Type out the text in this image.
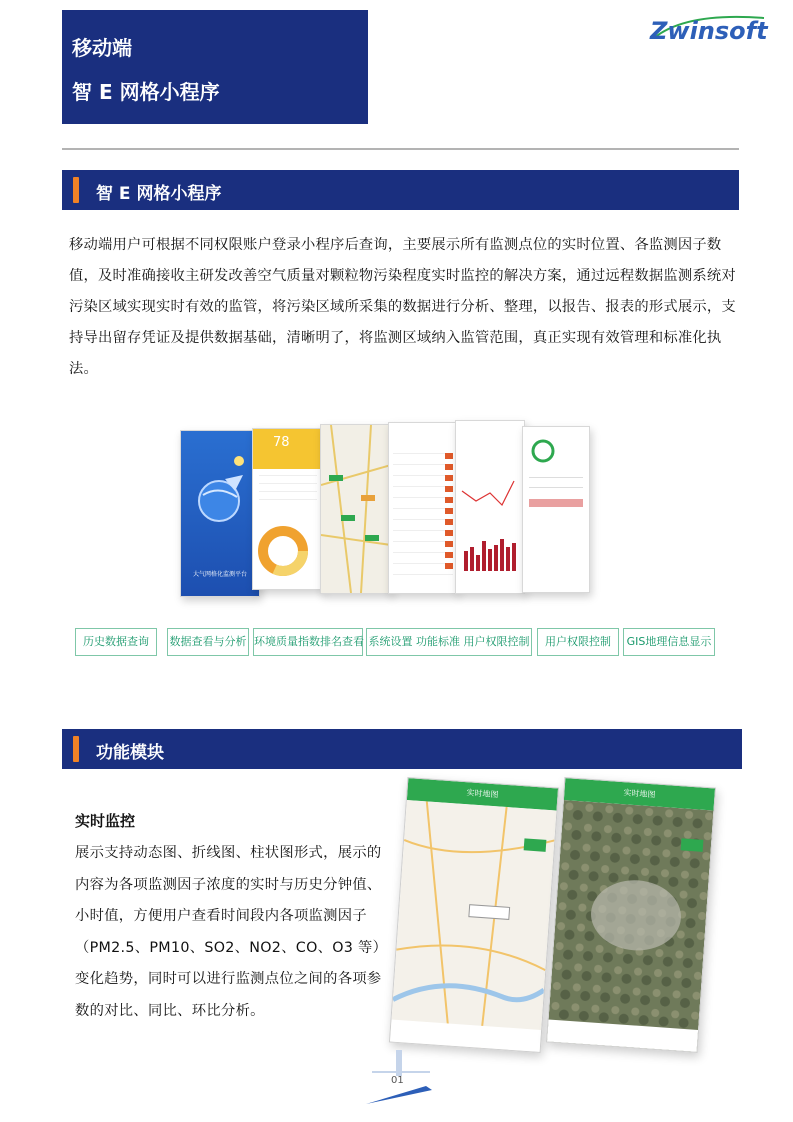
移动端
智 E 网格小程序
Zwinsoft
智 E 网格小程序
移动端用户可根据不同权限账户登录小程序后查询，主要展示所有监测点位的实时位置、各监测因子数值，及时准确接收主研发改善空气质量对颗粒物污染程度实时监控的解决方案，通过远程数据监测系统对污染区域实现实时有效的监管，将污染区域所采集的数据进行分析、整理，以报告、报表的形式展示，支持导出留存凭证及提供数据基础，清晰明了，将监测区域纳入监管范围，真正实现有效管理和标准化执法。
大气网格化监测平台
78
历史数据查询	数据查看与分析 环境质量指数排名查看 系统设置 功能标准 用户权限控制	用户权限控制	GIS地理信息显示
功能模块
实时监控
展示支持动态图、折线图、柱状图形式，展示的内容为各项监测因子浓度的实时与历史分钟值、小时值，方便用户查看时间段内各项监测因子（PM2.5、PM10、SO2、NO2、CO、O3 等）变化趋势，同时可以进行监测点位之间的各项参数的对比、同比、环比分析。
实时地图	实时地图
01
